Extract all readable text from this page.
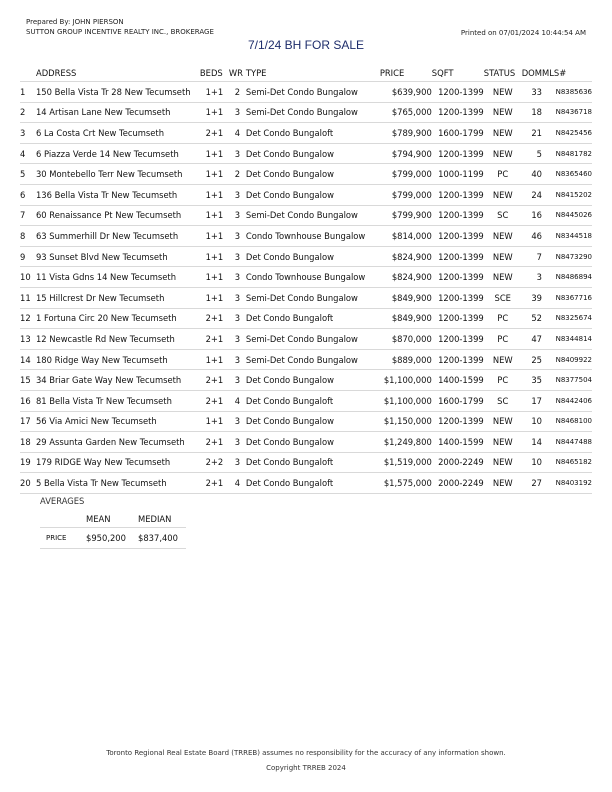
Prepared By: JOHN PIERSON
SUTTON GROUP INCENTIVE REALTY INC., BROKERAGE	Printed on 07/01/2024 10:44:54 AM
7/1/24 BH FOR SALE
	ADDRESS	BEDS	WR	TYPE	PRICE	SQFT	STATUS	DOM	MLS#
1	150 Bella Vista Tr 28 New Tecumseth	1+1	2	Semi-Det Condo Bungalow	$639,900	1200-1399	NEW	33	N8385636
2	14 Artisan Lane New Tecumseth	1+1	3	Semi-Det Condo Bungalow	$765,000	1200-1399	NEW	18	N8436718
3	6 La Costa Crt New Tecumseth	2+1	4	Det Condo Bungaloft	$789,900	1600-1799	NEW	21	N8425456
4	6 Piazza Verde 14 New Tecumseth	1+1	3	Det Condo Bungalow	$794,900	1200-1399	NEW	5	N8481782
5	30 Montebello Terr New Tecumseth	1+1	2	Det Condo Bungalow	$799,000	1000-1199	PC	40	N8365460
6	136 Bella Vista Tr New Tecumseth	1+1	3	Det Condo Bungalow	$799,000	1200-1399	NEW	24	N8415202
7	60 Renaissance Pt New Tecumseth	1+1	3	Semi-Det Condo Bungalow	$799,900	1200-1399	SC	16	N8445026
8	63 Summerhill Dr New Tecumseth	1+1	3	Condo Townhouse Bungalow	$814,000	1200-1399	NEW	46	N8344518
9	93 Sunset Blvd New Tecumseth	1+1	3	Det Condo Bungalow	$824,900	1200-1399	NEW	7	N8473290
10	11 Vista Gdns 14 New Tecumseth	1+1	3	Condo Townhouse Bungalow	$824,900	1200-1399	NEW	3	N8486894
11	15 Hillcrest Dr New Tecumseth	1+1	3	Semi-Det Condo Bungalow	$849,900	1200-1399	SCE	39	N8367716
12	1 Fortuna Circ 20 New Tecumseth	2+1	3	Det Condo Bungaloft	$849,900	1200-1399	PC	52	N8325674
13	12 Newcastle Rd New Tecumseth	2+1	3	Semi-Det Condo Bungalow	$870,000	1200-1399	PC	47	N8344814
14	180 Ridge Way New Tecumseth	1+1	3	Semi-Det Condo Bungalow	$889,000	1200-1399	NEW	25	N8409922
15	34 Briar Gate Way New Tecumseth	2+1	3	Det Condo Bungalow	$1,100,000	1400-1599	PC	35	N8377504
16	81 Bella Vista Tr New Tecumseth	2+1	4	Det Condo Bungaloft	$1,100,000	1600-1799	SC	17	N8442406
17	56 Via Amici New Tecumseth	1+1	3	Det Condo Bungalow	$1,150,000	1200-1399	NEW	10	N8468100
18	29 Assunta Garden New Tecumseth	2+1	3	Det Condo Bungalow	$1,249,800	1400-1599	NEW	14	N8447488
19	179 RIDGE Way New Tecumseth	2+2	3	Det Condo Bungaloft	$1,519,000	2000-2249	NEW	10	N8465182
20	5 Bella Vista Tr New Tecumseth	2+1	4	Det Condo Bungaloft	$1,575,000	2000-2249	NEW	27	N8403192
AVERAGES
	MEAN	MEDIAN
PRICE	$950,200	$837,400
Toronto Regional Real Estate Board (TRREB) assumes no responsibility for the accuracy of any information shown.
Copyright TRREB 2024
